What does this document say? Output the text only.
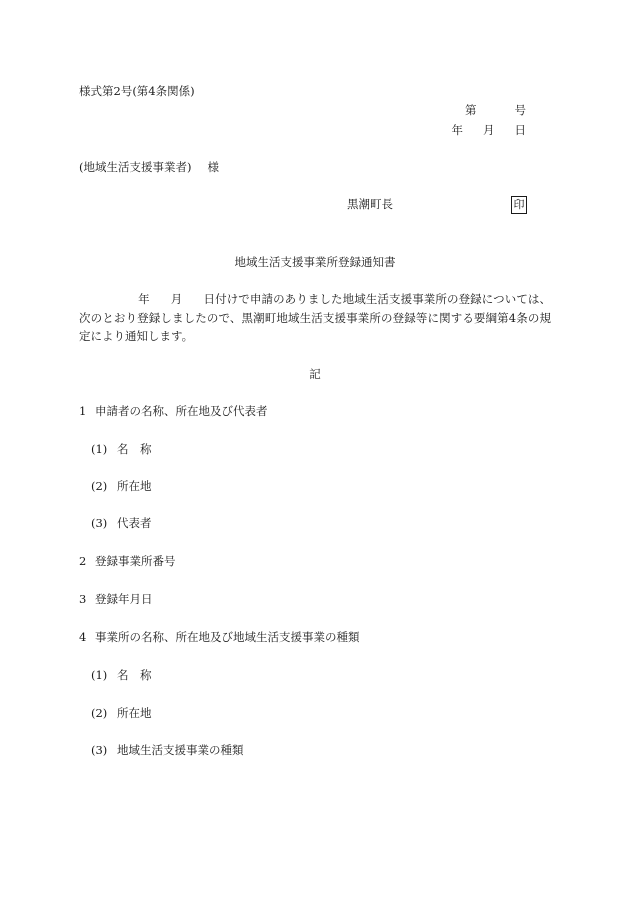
様式第2号(第4条関係)
第	号
年 月 日
(地域生活支援事業者) 様
黒潮町長	印
地域生活支援事業所登録通知書
年 月 日付けで申請のありました地域生活支援事業所の登録については、次のとおり登録しましたので、黒潮町地域生活支援事業所の登録等に関する要綱第4条の規定により通知します。
記
1 申請者の名称、所在地及び代表者
(1) 名　称
(2) 所在地
(3) 代表者
2 登録事業所番号
3 登録年月日
4 事業所の名称、所在地及び地域生活支援事業の種類
(1) 名　称
(2) 所在地
(3) 地域生活支援事業の種類
